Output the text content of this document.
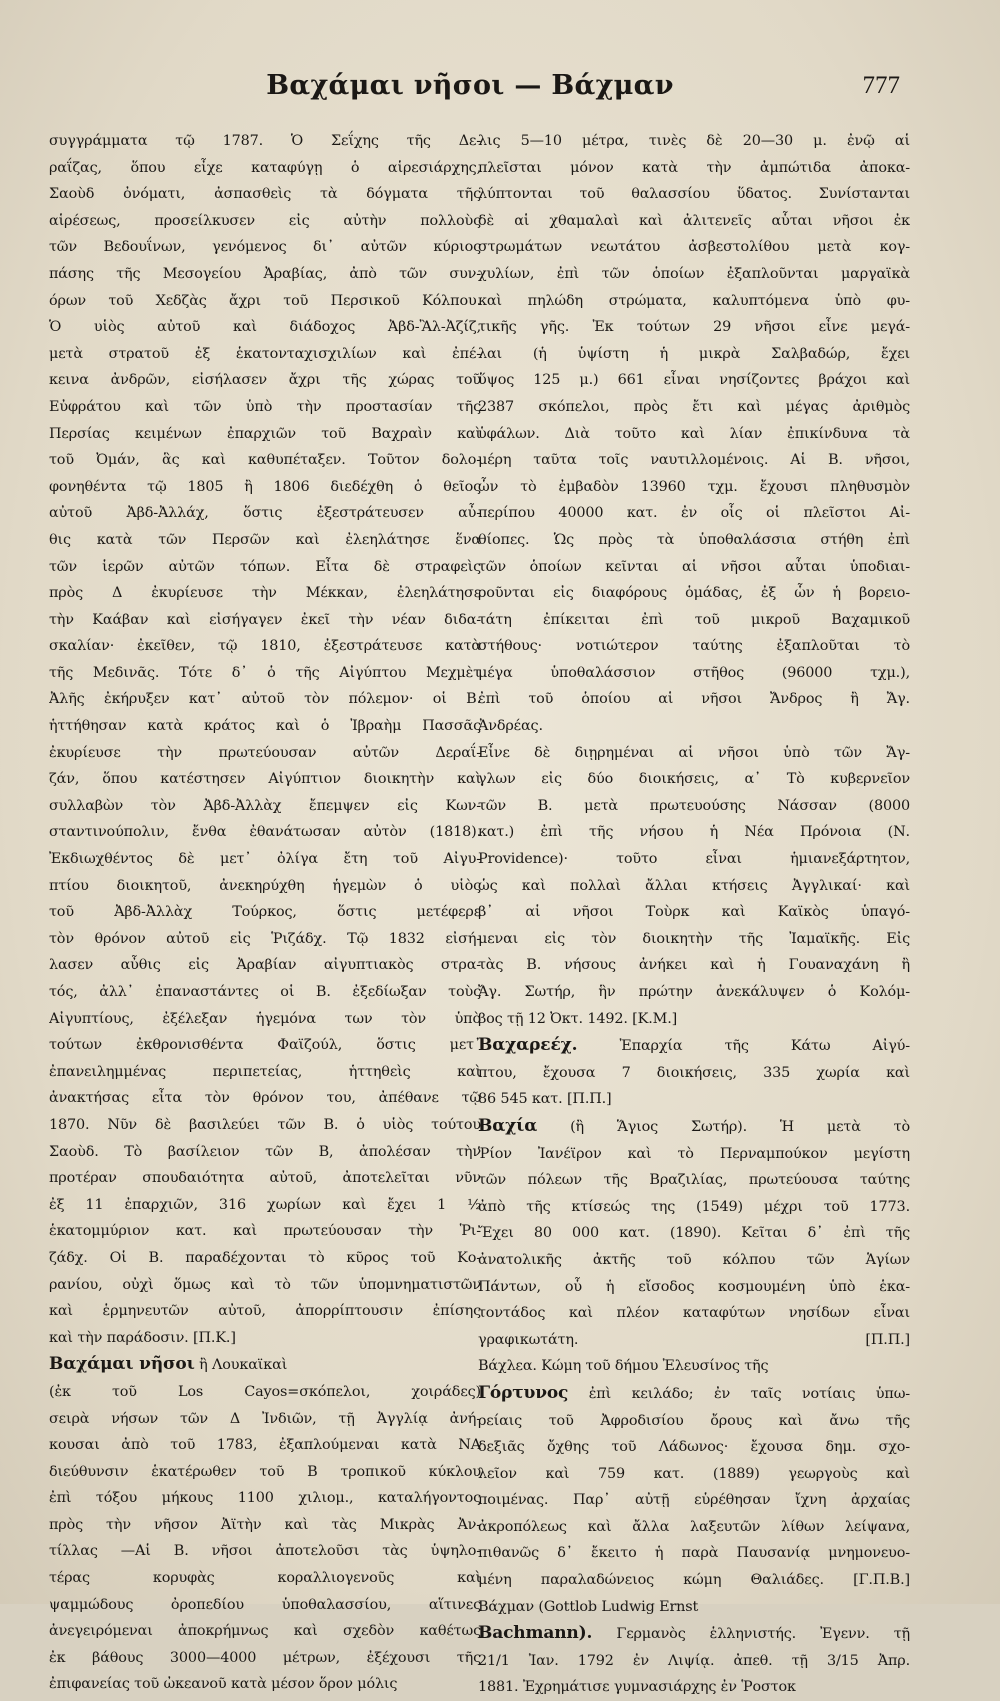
Βαχάμαι νῆσοι — Βάχμαν	777
συγγράμματα τῷ 1787. Ὁ Σεΐχης τῆς Δε-
ραΐζας, ὅπου εἶχε καταφύγῃ ὁ αἱρεσιάρχης,
Σαοὺδ ὀνόματι, ἀσπασθεὶς τὰ δόγματα τῆς
αἱρέσεως, προσείλκυσεν εἰς αὐτὴν πολλοὺς
τῶν Βεδουΐνων, γενόμενος δι᾽ αὐτῶν κύριος
πάσης τῆς Μεσογείου Ἀραβίας, ἀπὸ τῶν συν-
όρων τοῦ Χεδζὰς ἄχρι τοῦ Περσικοῦ Κόλπου.
Ὁ υἱὸς αὐτοῦ καὶ διάδοχος Ἀβδ-Ἂλ-Ἀζίζ,
μετὰ στρατοῦ ἐξ ἑκατονταχισχιλίων καὶ ἐπέ-
κεινα ἀνδρῶν, εἰσήλασεν ἄχρι τῆς χώρας τοῦ
Εὐφράτου καὶ τῶν ὑπὸ τὴν προστασίαν τῆς
Περσίας κειμένων ἐπαρχιῶν τοῦ Βαχραὶν καὶ
τοῦ Ὀμάν, ἃς καὶ καθυπέταξεν. Τοῦτον δολο-
φονηθέντα τῷ 1805 ἢ 1806 διεδέχθη ὁ θεῖος
αὐτοῦ Ἀβδ-Ἀλλάχ, ὅστις ἐξεστράτευσεν αὖ-
θις κατὰ τῶν Περσῶν καὶ ἐλεηλάτησε ἕνα
τῶν ἱερῶν αὐτῶν τόπων. Εἶτα δὲ στραφεὶς
πρὸς Δ ἐκυρίευσε τὴν Μέκκαν, ἐλεηλάτησε
τὴν Καάβαν καὶ εἰσήγαγεν ἐκεῖ τὴν νέαν διδα-
σκαλίαν· ἐκεῖθεν, τῷ 1810, ἐξεστράτευσε κατὰ
τῆς Μεδινᾶς. Τότε δ᾽ ὁ τῆς Αἰγύπτου Μεχμὲτ
Ἀλῆς ἐκήρυξεν κατ᾽ αὐτοῦ τὸν πόλεμον· οἱ Β.
ἡττήθησαν κατὰ κράτος καὶ ὁ Ἰβραὴμ Πασσᾶς
ἐκυρίευσε τὴν πρωτεύουσαν αὐτῶν Δεραΐ-
ζάν, ὅπου κατέστησεν Αἰγύπτιον διοικητὴν καὶ
συλλαβὼν τὸν Ἀβδ-Ἀλλὰχ ἔπεμψεν εἰς Κων-
σταντινούπολιν, ἔνθα ἐθανάτωσαν αὐτὸν (1818).
Ἐκδιωχθέντος δὲ μετ᾽ ὀλίγα ἔτη τοῦ Αἰγυ-
πτίου διοικητοῦ, ἀνεκηρύχθη ἡγεμὼν ὁ υἱὸς
τοῦ Ἀβδ-Ἀλλὰχ Τούρκος, ὅστις μετέφερε
τὸν θρόνον αὐτοῦ εἰς Ῥιζάδχ. Τῷ 1832 εἰσή-
λασεν αὖθις εἰς Ἀραβίαν αἰγυπτιακὸς στρα-
τός, ἀλλ᾽ ἐπαναστάντες οἱ Β. ἐξεδίωξαν τοὺς
Αἰγυπτίους, ἐξέλεξαν ἡγεμόνα των τὸν ὑπὸ
τούτων ἐκθρονισθέντα Φαϊζούλ, ὅστις μετ᾽
ἐπανειλημμένας περιπετείας, ἡττηθεὶς καὶ
ἀνακτήσας εἶτα τὸν θρόνον του, ἀπέθανε τῷ
1870. Νῦν δὲ βασιλεύει τῶν Β. ὁ υἱὸς τούτου
Σαοὺδ. Τὸ βασίλειον τῶν Β, ἀπολέσαν τὴν
προτέραν σπουδαιότητα αὐτοῦ, ἀποτελεῖται νῦν
ἐξ 11 ἐπαρχιῶν, 316 χωρίων καὶ ἔχει 1 ½
ἑκατομμύριον κατ. καὶ πρωτεύουσαν τὴν Ῥι-
ζάδχ. Οἱ Β. παραδέχονται τὸ κῦρος τοῦ Κο-
ρανίου, οὐχὶ ὅμως καὶ τὸ τῶν ὑπομνηματιστῶν
καὶ ἑρμηνευτῶν αὐτοῦ, ἀπορρίπτουσιν ἐπίσης
καὶ τὴν παράδοσιν. [Π.Κ.]
Βαχάμαι νῆσοι ἢ Λουκαϊκαὶ
(ἐκ τοῦ Los Cayos=σκόπελοι, χοιράδες)
σειρὰ νήσων τῶν Δ Ἰνδιῶν, τῇ Ἀγγλίᾳ ἀνή-
κουσαι ἀπὸ τοῦ 1783, ἐξαπλούμεναι κατὰ ΝΑ
διεύθυνσιν ἑκατέρωθεν τοῦ Β τροπικοῦ κύκλου
ἐπὶ τόξου μήκους 1100 χιλιομ., καταλήγοντος
πρὸς τὴν νῆσον Ἀϊτὴν καὶ τὰς Μικρὰς Ἀν-
τίλλας —Αἱ Β. νῆσοι ἀποτελοῦσι τὰς ὑψηλο-
τέρας κορυφὰς κοραλλιογενοῦς καὶ
ψαμμώδους ὀροπεδίου ὑποθαλασσίου, αἵτινες
ἀνεγειρόμεναι ἀποκρήμνως καὶ σχεδὸν καθέτως
ἐκ βάθους 3000—4000 μέτρων, ἐξέχουσι τῆς
ἐπιφανείας τοῦ ὠκεανοῦ κατὰ μέσον ὅρον μόλις
λις 5—10 μέτρα, τινὲς δὲ 20—30 μ. ἐνῷ αἱ
πλεῖσται μόνον κατὰ τὴν ἀμπώτιδα ἀποκα-
λύπτονται τοῦ θαλασσίου ὕδατος. Συνίστανται
δὲ αἱ χθαμαλαὶ καὶ ἀλιτενεῖς αὗται νῆσοι ἐκ
στρωμάτων νεωτάτου ἀσβεστολίθου μετὰ κογ-
χυλίων, ἐπὶ τῶν ὁποίων ἐξαπλοῦνται μαργαϊκὰ
καὶ πηλώδη στρώματα, καλυπτόμενα ὑπὸ φυ-
τικῆς γῆς. Ἐκ τούτων 29 νῆσοι εἶνε μεγά-
λαι (ἡ ὑψίστη ἡ μικρὰ Σαλβαδώρ, ἔχει
ὕψος 125 μ.) 661 εἶναι νησίζοντες βράχοι καὶ
2387 σκόπελοι, πρὸς ἔτι καὶ μέγας ἀριθμὸς
ὑφάλων. Διὰ τοῦτο καὶ λίαν ἐπικίνδυνα τὰ
μέρη ταῦτα τοῖς ναυτιλλομένοις. Αἱ Β. νῆσοι,
ὧν τὸ ἐμβαδὸν 13960 τχμ. ἔχουσι πληθυσμὸν
περίπου 40000 κατ. ἐν οἷς οἱ πλεῖστοι Αἰ-
θίοπες. Ὡς πρὸς τὰ ὑποθαλάσσια στήθη ἐπὶ
τῶν ὁποίων κεῖνται αἱ νῆσοι αὗται ὑποδιαι-
ροῦνται εἰς διαφόρους ὁμάδας, ἐξ ὧν ἡ βορειο-
τάτη ἐπίκειται ἐπὶ τοῦ μικροῦ Βαχαμικοῦ
στήθους· νοτιώτερον ταύτης ἐξαπλοῦται τὸ
μέγα ὑποθαλάσσιον στῆθος (96000 τχμ.),
ἐπὶ τοῦ ὁποίου αἱ νῆσοι Ἄνδρος ἢ Ἄγ.
Ἀνδρέας.
Εἶνε δὲ διῃρημέναι αἱ νῆσοι ὑπὸ τῶν Ἄγ-
γλων εἰς δύο διοικήσεις, α᾽ Τὸ κυβερνεῖον
τῶν Β. μετὰ πρωτευούσης Νάσσαν (8000
κατ.) ἐπὶ τῆς νήσου ἡ Νέα Πρόνοια (Ν.
Providence)· τοῦτο εἶναι ἡμιανεξάρτητον,
ὡς καὶ πολλαὶ ἄλλαι κτήσεις Ἀγγλικαί· καὶ
β᾽ αἱ νῆσοι Τοὺρκ καὶ Καϊκὸς ὑπαγό-
μεναι εἰς τὸν διοικητὴν τῆς Ἰαμαϊκῆς. Εἰς
τὰς Β. νήσους ἀνήκει καὶ ἡ Γουαναχάνη ἢ
Ἄγ. Σωτήρ, ἣν πρώτην ἀνεκάλυψεν ὁ Κολόμ-
βος τῇ 12 Ὀκτ. 1492. [Κ.Μ.]
Βαχαρεέχ. Ἐπαρχία τῆς Κάτω Αἰγύ-
πτου, ἔχουσα 7 διοικήσεις, 335 χωρία καὶ
86 545 κατ. [Π.Π.]
Βαχία (ἢ Ἅγιος Σωτήρ). Ἡ μετὰ τὸ
Ῥίον Ἰανέϊρον καὶ τὸ Περναμπούκον μεγίστη
τῶν πόλεων τῆς Βραζιλίας, πρωτεύουσα ταύτης
ἀπὸ τῆς κτίσεώς της (1549) μέχρι τοῦ 1773.
Ἔχει 80 000 κατ. (1890). Κεῖται δ᾽ ἐπὶ τῆς
ἀνατολικῆς ἀκτῆς τοῦ κόλπου τῶν Ἁγίων
Πάντων, οὗ ἡ εἴσοδος κοσμουμένη ὑπὸ ἑκα-
τοντάδος καὶ πλέον καταφύτων νησίδων εἶναι
γραφικωτάτη. [Π.Π.]
Βάχλεα. Κώμη τοῦ δήμου Ἐλευσίνος τῆς
Γόρτυνος ἐπὶ κειλάδο; ἐν ταῖς νοτίαις ὑπω-
ρείαις τοῦ Ἀφροδισίου ὄρους καὶ ἄνω τῆς
δεξιᾶς ὄχθης τοῦ Λάδωνος· ἔχουσα δημ. σχο-
λεῖον καὶ 759 κατ. (1889) γεωργοὺς καὶ
ποιμένας. Παρ᾽ αὐτῇ εὑρέθησαν ἴχνη ἀρχαίας
ἀκροπόλεως καὶ ἄλλα λαξευτῶν λίθων λείψανα,
πιθανῶς δ᾽ ἔκειτο ἡ παρὰ Παυσανίᾳ μνημονευο-
μένη παραλαδώνειος κώμη Θαλιάδες. [Γ.Π.Β.]
Βάχμαν (Gottlob Ludwig Ernst
Bachmann). Γερμανὸς ἑλληνιστής. Ἐγενν. τῇ
21/1 Ἰαν. 1792 ἐν Λιψίᾳ. ἀπεθ. τῇ 3/15 Ἀπρ.
1881. Ἐχρημάτισε γυμνασιάρχης ἐν Ῥοστοκ
